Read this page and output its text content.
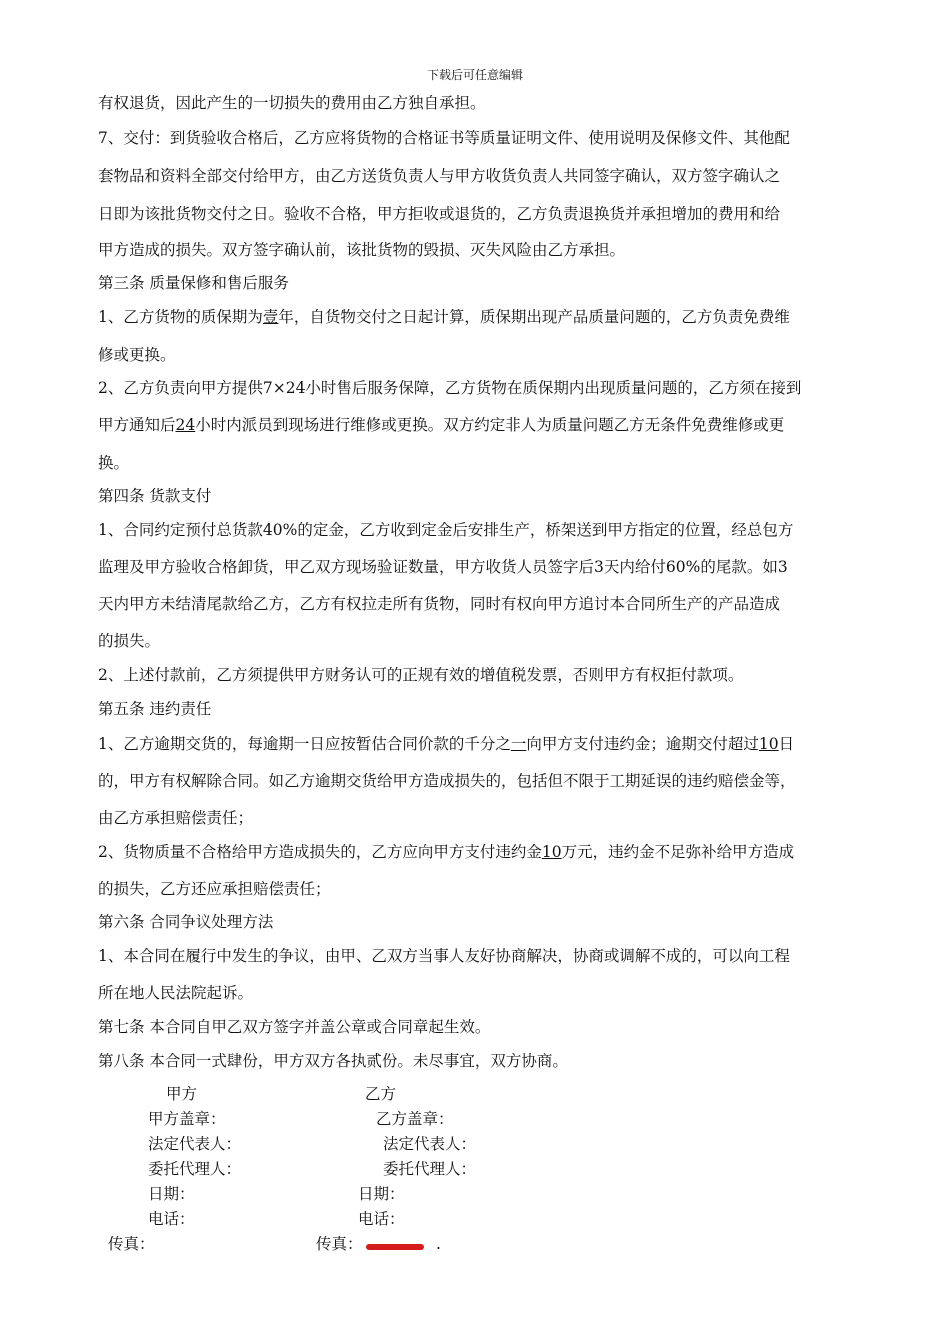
下载后可任意编辑
有权退货，因此产生的一切损失的费用由乙方独自承担。
7、交付：到货验收合格后，乙方应将货物的合格证书等质量证明文件、使用说明及保修文件、其他配
套物品和资料全部交付给甲方，由乙方送货负责人与甲方收货负责人共同签字确认，双方签字确认之
日即为该批货物交付之日。验收不合格，甲方拒收或退货的，乙方负责退换货并承担增加的费用和给
甲方造成的损失。双方签字确认前，该批货物的毁损、灭失风险由乙方承担。
第三条 质量保修和售后服务
1、乙方货物的质保期为壹年，自货物交付之日起计算，质保期出现产品质量问题的，乙方负责免费维
修或更换。
2、乙方负责向甲方提供7×24小时售后服务保障，乙方货物在质保期内出现质量问题的，乙方须在接到
甲方通知后24小时内派员到现场进行维修或更换。双方约定非人为质量问题乙方无条件免费维修或更
换。
第四条 货款支付
1、合同约定预付总货款40%的定金，乙方收到定金后安排生产，桥架送到甲方指定的位置，经总包方
监理及甲方验收合格卸货，甲乙双方现场验证数量，甲方收货人员签字后3天内给付60%的尾款。如3
天内甲方未结清尾款给乙方，乙方有权拉走所有货物，同时有权向甲方追讨本合同所生产的产品造成
的损失。
2、上述付款前，乙方须提供甲方财务认可的正规有效的增值税发票，否则甲方有权拒付款项。
第五条 违约责任
1、乙方逾期交货的，每逾期一日应按暂估合同价款的千分之一向甲方支付违约金；逾期交付超过10日
的，甲方有权解除合同。如乙方逾期交货给甲方造成损失的，包括但不限于工期延误的违约赔偿金等，
由乙方承担赔偿责任；
2、货物质量不合格给甲方造成损失的，乙方应向甲方支付违约金10万元，违约金不足弥补给甲方造成
的损失，乙方还应承担赔偿责任；
第六条 合同争议处理方法
1、本合同在履行中发生的争议，由甲、乙双方当事人友好协商解决，协商或调解不成的，可以向工程
所在地人民法院起诉。
第七条 本合同自甲乙双方签字并盖公章或合同章起生效。
第八条 本合同一式肆份，甲方双方各执贰份。未尽事宜，双方协商。
甲方	乙方
甲方盖章：	乙方盖章：
法定代表人：	法定代表人：
委托代理人：	委托代理人：
日期：	日期：
电话：	电话：
传真：	传真：	.
